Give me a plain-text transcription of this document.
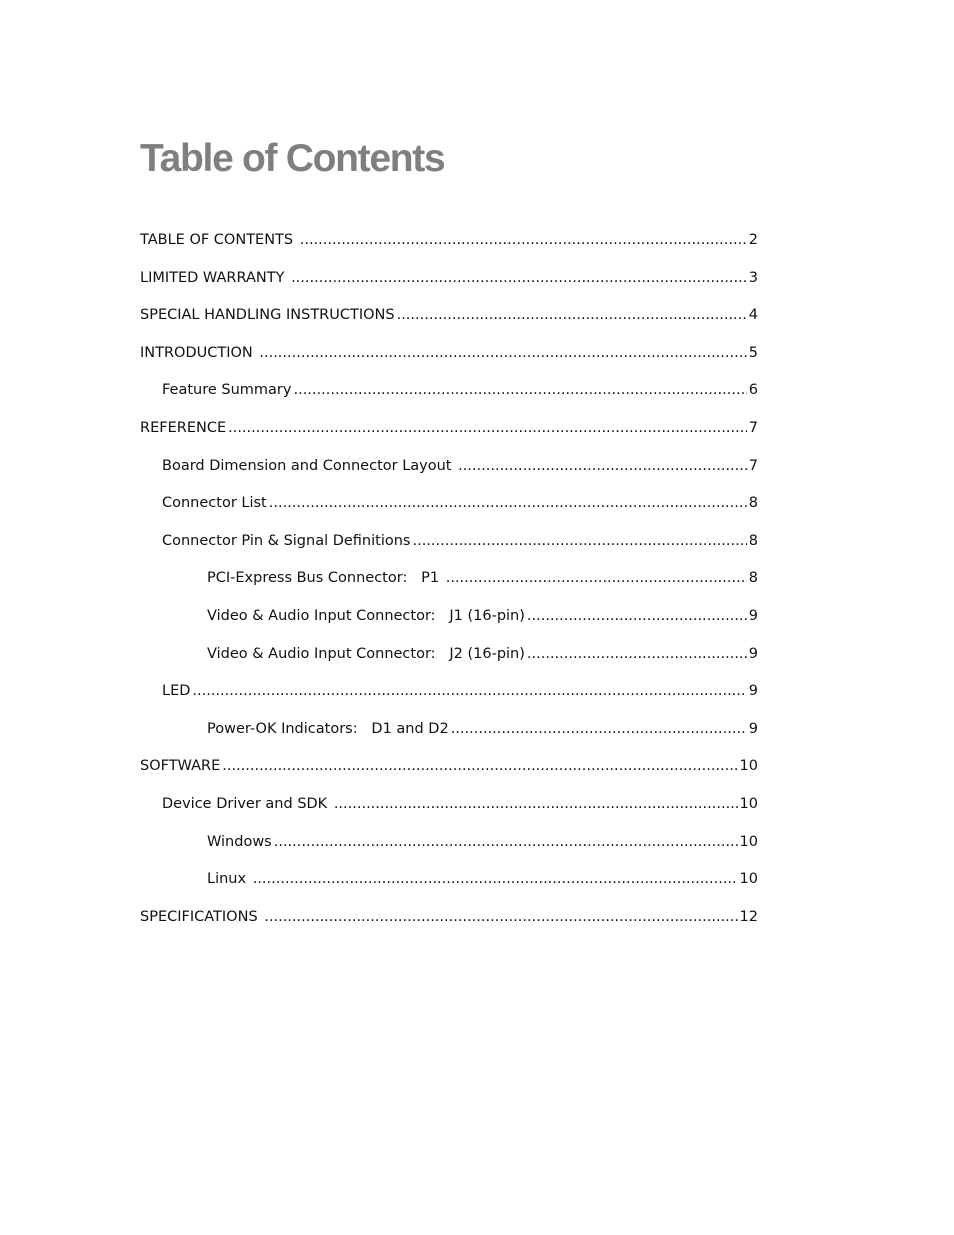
Table of Contents
TABLE OF CONTENTS .....	2
LIMITED WARRANTY .....	3
SPECIAL HANDLING INSTRUCTIONS .....	4
INTRODUCTION .....	5
Feature Summary .....	6
REFERENCE .....	7
Board Dimension and Connector Layout .....	7
Connector List .....	8
Connector Pin & Signal Definitions .....	8
PCI-Express Bus Connector:   P1 .....	8
Video & Audio Input Connector:   J1 (16-pin) .....	9
Video & Audio Input Connector:   J2 (16-pin) .....	9
LED .....	9
Power-OK Indicators:   D1 and D2 .....	9
SOFTWARE .....	10
Device Driver and SDK .....	10
Windows .....	10
Linux .....	10
SPECIFICATIONS .....	12
